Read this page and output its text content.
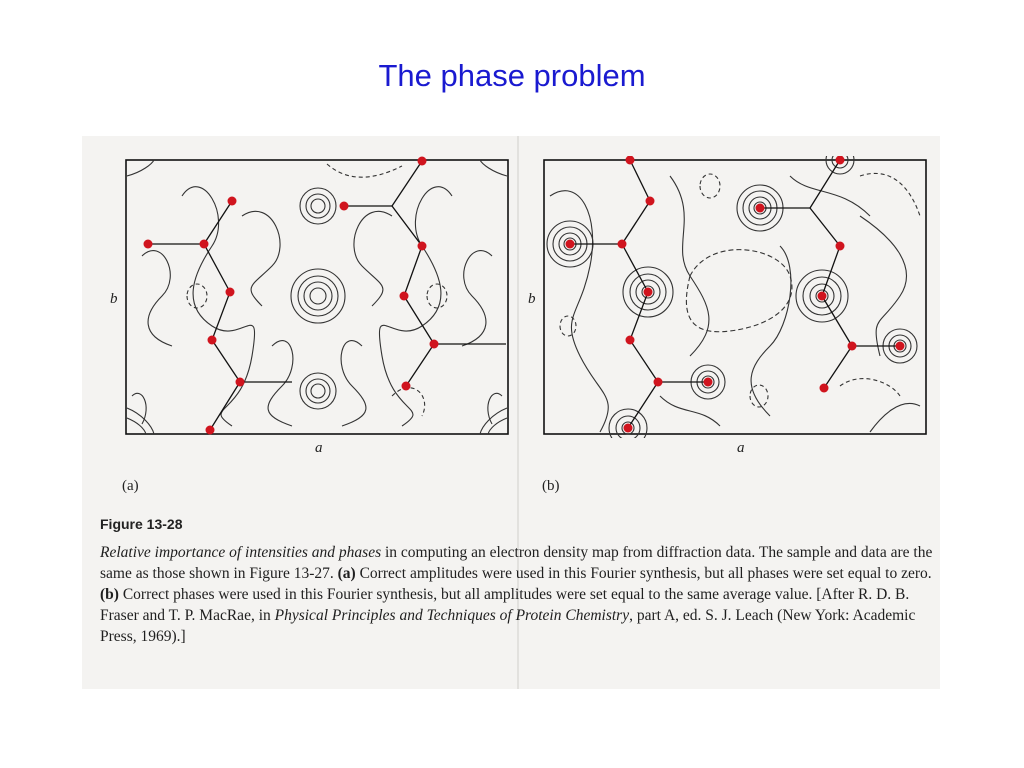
The phase problem
b
a
(a)
b
a
(b)
Figure 13-28
Relative importance of intensities and phases in computing an electron density map from diffraction data. The sample and data are the same as those shown in Figure 13-27. (a) Correct amplitudes were used in this Fourier synthesis, but all phases were set equal to zero. (b) Correct phases were used in this Fourier synthesis, but all amplitudes were set equal to the same average value. [After R. D. B. Fraser and T. P. MacRae, in Physical Principles and Techniques of Protein Chemistry, part A, ed. S. J. Leach (New York: Academic Press, 1969).]
